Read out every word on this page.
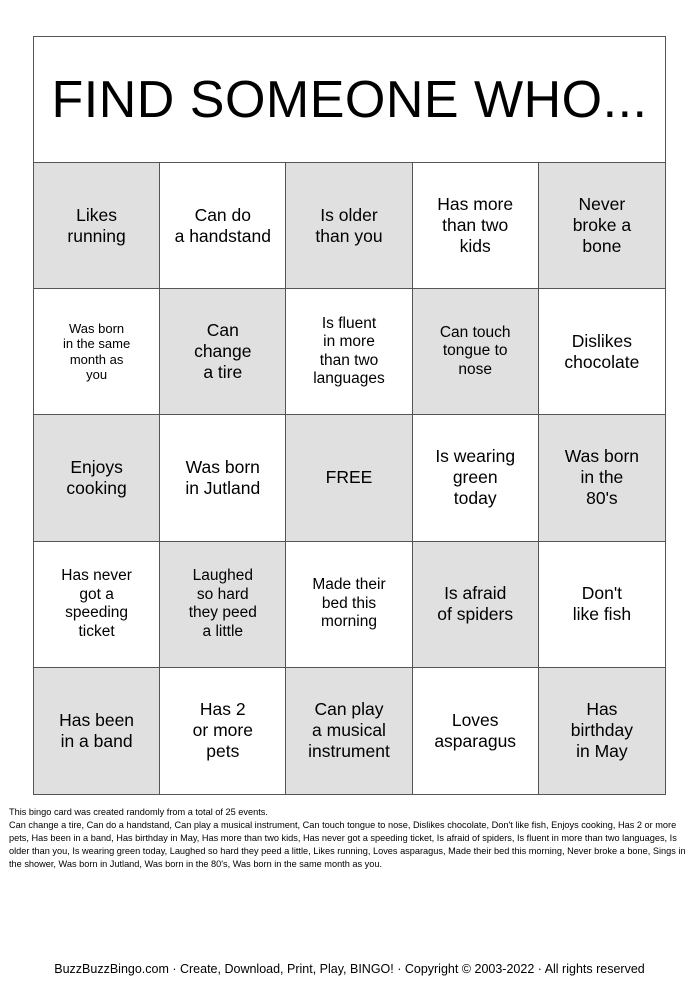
FIND SOMEONE WHO...
Likes
running
Can do
a handstand
Is older
than you
Has more
than two
kids
Never
broke a
bone
Was born
in the same
month as
you
Can
change
a tire
Is fluent
in more
than two
languages
Can touch
tongue to
nose
Dislikes
chocolate
Enjoys
cooking
Was born
in Jutland
FREE
Is wearing
green
today
Was born
in the
80's
Has never
got a
speeding
ticket
Laughed
so hard
they peed
a little
Made their
bed this
morning
Is afraid
of spiders
Don't
like fish
Has been
in a band
Has 2
or more
pets
Can play
a musical
instrument
Loves
asparagus
Has
birthday
in May

This bingo card was created randomly from a total of 25 events.

Can change a tire, Can do a handstand, Can play a musical instrument, Can touch tongue to nose, Dislikes chocolate, Don't like fish, Enjoys cooking, Has 2 or more pets, Has been in a band, Has birthday in May, Has more than two kids, Has never got a speeding ticket, Is afraid of spiders, Is fluent in more than two languages, Is older than you, Is wearing green today, Laughed so hard they peed a little, Likes running, Loves asparagus, Made their bed this morning, Never broke a bone, Sings in the shower, Was born in Jutland, Was born in the 80's, Was born in the same month as you.

BuzzBuzzBingo.com · Create, Download, Print, Play, BINGO! · Copyright © 2003-2022 · All rights reserved
